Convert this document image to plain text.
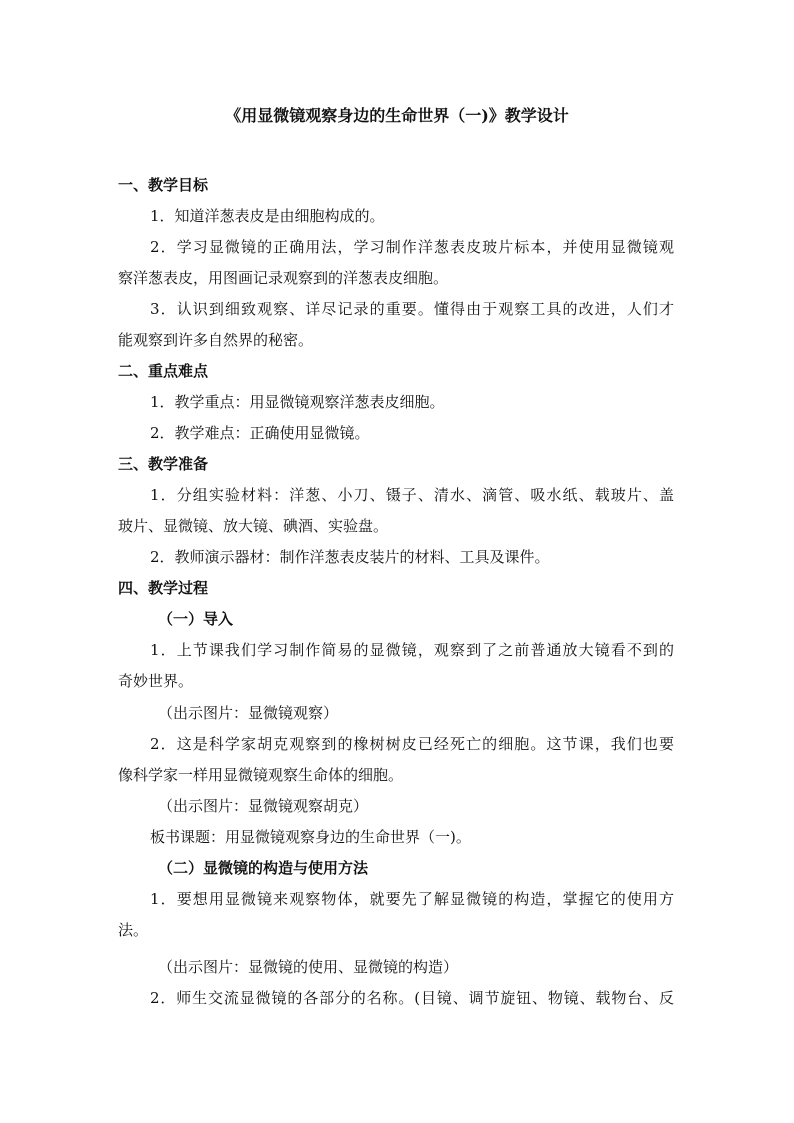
《用显微镜观察身边的生命世界（一)》教学设计
一、教学目标
1．知道洋葱表皮是由细胞构成的。
2．学习显微镜的正确用法，学习制作洋葱表皮玻片标本，并使用显微镜观
察洋葱表皮，用图画记录观察到的洋葱表皮细胞。
3．认识到细致观察、详尽记录的重要。懂得由于观察工具的改进，人们才
能观察到许多自然界的秘密。
二、重点难点
1．教学重点：用显微镜观察洋葱表皮细胞。
2．教学难点：正确使用显微镜。
三、教学准备
1．分组实验材料：洋葱、小刀、镊子、清水、滴管、吸水纸、载玻片、盖
玻片、显微镜、放大镜、碘酒、实验盘。
2．教师演示器材：制作洋葱表皮装片的材料、工具及课件。
四、教学过程
（一）导入
1．上节课我们学习制作简易的显微镜，观察到了之前普通放大镜看不到的
奇妙世界。
（出示图片：显微镜观察）
2．这是科学家胡克观察到的橡树树皮已经死亡的细胞。这节课，我们也要
像科学家一样用显微镜观察生命体的细胞。
（出示图片：显微镜观察胡克）
板书课题：用显微镜观察身边的生命世界（一)。
（二）显微镜的构造与使用方法
1．要想用显微镜来观察物体，就要先了解显微镜的构造，掌握它的使用方
法。
（出示图片：显微镜的使用、显微镜的构造）
2．师生交流显微镜的各部分的名称。(目镜、调节旋钮、物镜、载物台、反
